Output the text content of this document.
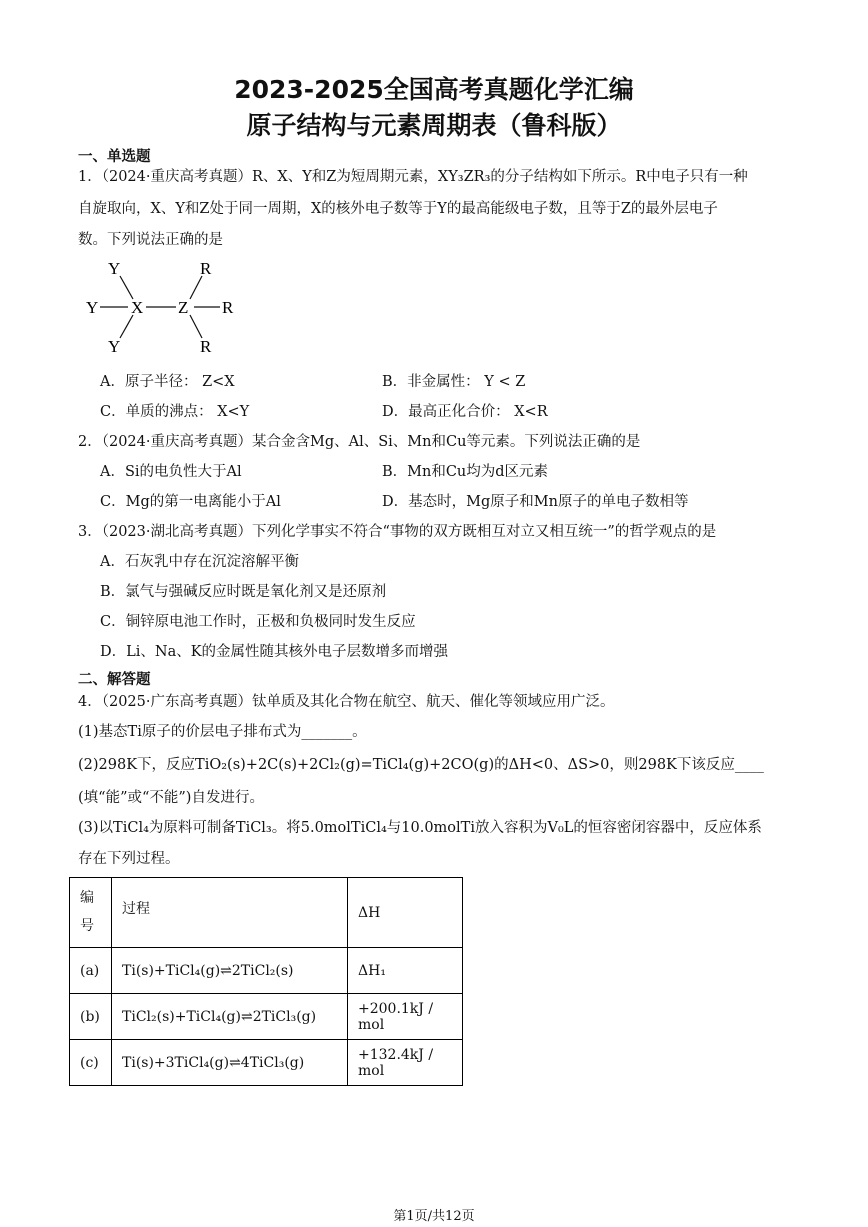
2023-2025全国高考真题化学汇编
原子结构与元素周期表（鲁科版）
一、单选题
1．（2024·重庆高考真题）R、X、Y和Z为短周期元素，XY₃ZR₃的分子结构如下所示。R中电子只有一种
自旋取向，X、Y和Z处于同一周期，X的核外电子数等于Y的最高能级电子数，且等于Z的最外层电子
数。下列说法正确的是
Y
Y
Y
X Z
R
R
R
A．原子半径： Z<X	B．非金属性： Y < Z
C．单质的沸点： X<Y	D．最高正化合价： X<R
2．（2024·重庆高考真题）某合金含Mg、Al、Si、Mn和Cu等元素。下列说法正确的是
A．Si的电负性大于Al	B．Mn和Cu均为d区元素
C．Mg的第一电离能小于Al	D．基态时，Mg原子和Mn原子的单电子数相等
3．（2023·湖北高考真题）下列化学事实不符合“事物的双方既相互对立又相互统一”的哲学观点的是
A．石灰乳中存在沉淀溶解平衡
B．氯气与强碱反应时既是氧化剂又是还原剂
C．铜锌原电池工作时，正极和负极同时发生反应
D．Li、Na、K的金属性随其核外电子层数增多而增强
二、解答题
4．（2025·广东高考真题）钛单质及其化合物在航空、航天、催化等领域应用广泛。
(1)基态Ti原子的价层电子排布式为_______。
(2)298K下，反应TiO₂(s)+2C(s)+2Cl₂(g)=TiCl₄(g)+2CO(g)的ΔH<0、ΔS>0，则298K下该反应____
(填“能”或“不能”)自发进行。
(3)以TiCl₄为原料可制备TiCl₃。将5.0molTiCl₄与10.0molTi放入容积为V₀L的恒容密闭容器中，反应体系
存在下列过程。
编
号	过程	ΔH
(a)	Ti(s)+TiCl₄(g)⇌2TiCl₂(s)	ΔH₁
(b)	TiCl₂(s)+TiCl₄(g)⇌2TiCl₃(g)	+200.1kJ / mol
(c)	Ti(s)+3TiCl₄(g)⇌4TiCl₃(g)	+132.4kJ / mol
第1页/共12页
